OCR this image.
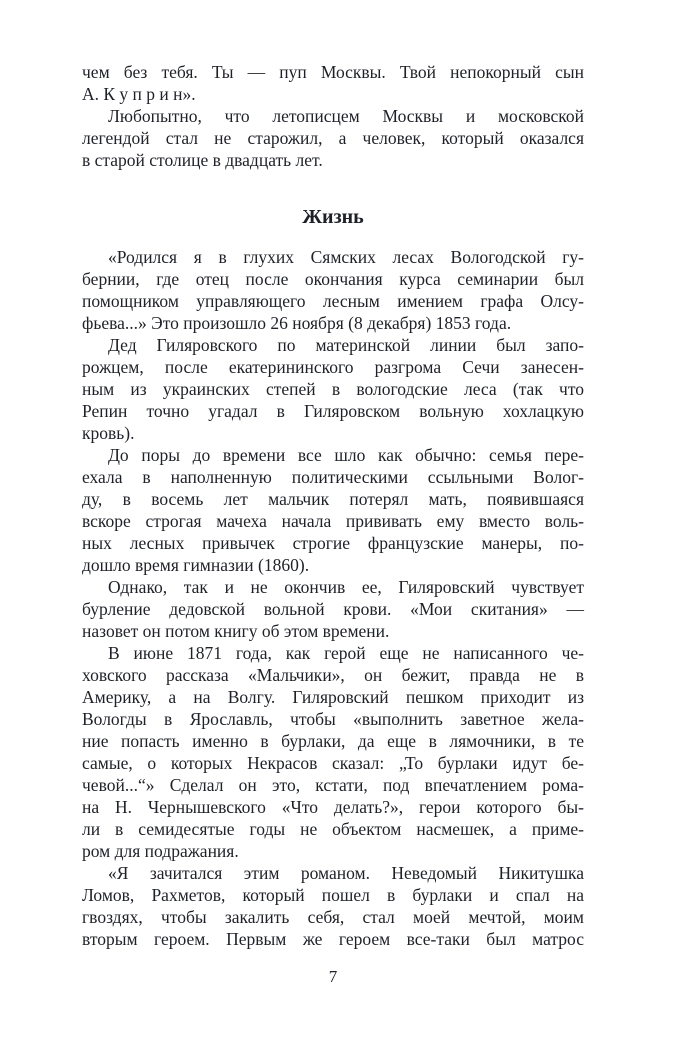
чем без тебя. Ты — пуп Москвы. Твой непокорный сын
А. К у п р и н».

Любопытно, что летописцем Москвы и московской
легендой стал не старожил, а человек, который оказался
в старой столице в двадцать лет.

Жизнь

«Родился я в глухих Сямских лесах Вологодской гу-
бернии, где отец после окончания курса семинарии был
помощником управляющего лесным имением графа Олсу-
фьева...» Это произошло 26 ноября (8 декабря) 1853 года.

Дед Гиляровского по материнской линии был запо-
рожцем, после екатерининского разгрома Сечи занесен-
ным из украинских степей в вологодские леса (так что
Репин точно угадал в Гиляровском вольную хохлацкую
кровь).

До поры до времени все шло как обычно: семья пере-
ехала в наполненную политическими ссыльными Волог-
ду, в восемь лет мальчик потерял мать, появившаяся
вскоре строгая мачеха начала прививать ему вместо воль-
ных лесных привычек строгие французские манеры, по-
дошло время гимназии (1860).

Однако, так и не окончив ее, Гиляровский чувствует
бурление дедовской вольной крови. «Мои скитания» —
назовет он потом книгу об этом времени.

В июне 1871 года, как герой еще не написанного че-
ховского рассказа «Мальчики», он бежит, правда не в
Америку, а на Волгу. Гиляровский пешком приходит из
Вологды в Ярославль, чтобы «выполнить заветное жела-
ние попасть именно в бурлаки, да еще в лямочники, в те
самые, о которых Некрасов сказал: „То бурлаки идут бе-
чевой...“» Сделал он это, кстати, под впечатлением рома-
на Н. Чернышевского «Что делать?», герои которого бы-
ли в семидесятые годы не объектом насмешек, а приме-
ром для подражания.

«Я зачитался этим романом. Неведомый Никитушка
Ломов, Рахметов, который пошел в бурлаки и спал на
гвоздях, чтобы закалить себя, стал моей мечтой, моим
вторым героем. Первым же героем все-таки был матрос

7
